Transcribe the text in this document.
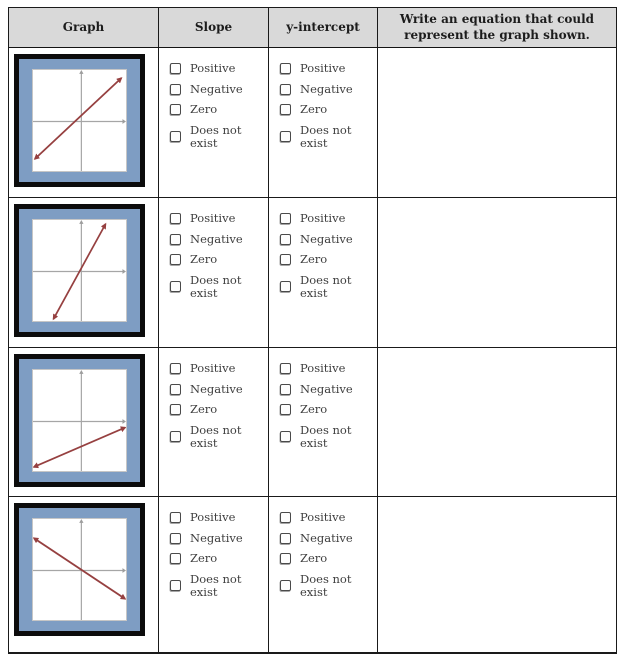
Graph	Slope	y-intercept
Write an equation that could represent the graph shown.
Positive
Negative
Zero
Does not exist
Positive
Negative
Zero
Does not exist
Positive
Negative
Zero
Does not exist
Positive
Negative
Zero
Does not exist
Positive
Negative
Zero
Does not exist
Positive
Negative
Zero
Does not exist
Positive
Negative
Zero
Does not exist
Positive
Negative
Zero
Does not exist
